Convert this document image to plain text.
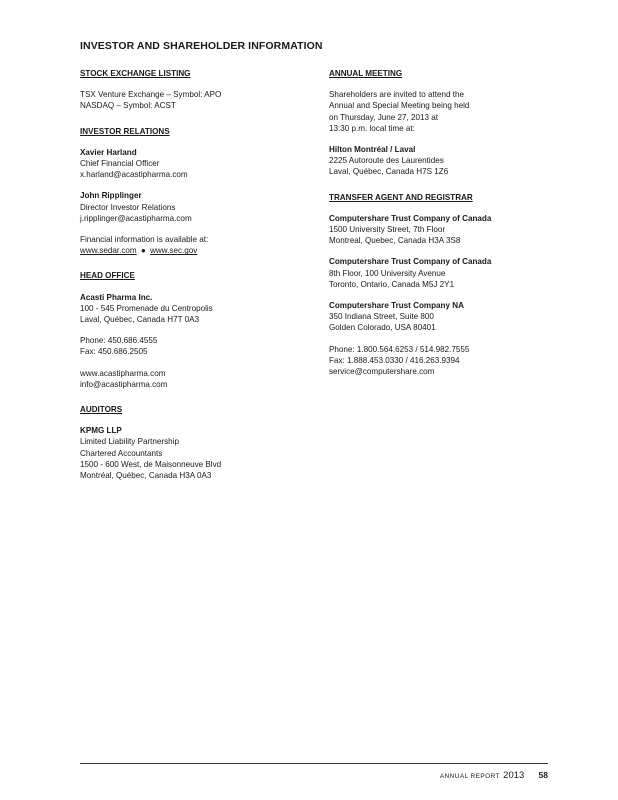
INVESTOR AND SHAREHOLDER INFORMATION
STOCK EXCHANGE LISTING
TSX Venture Exchange – Symbol: APO
NASDAQ – Symbol: ACST
INVESTOR RELATIONS
Xavier Harland
Chief Financial Officer
x.harland@acastipharma.com
John Ripplinger
Director Investor Relations
j.ripplinger@acastipharma.com
Financial information is available at:
www.sedar.com ● www.sec.gov
HEAD OFFICE
Acasti Pharma Inc.
100 - 545 Promenade du Centropolis
Laval, Québec, Canada H7T 0A3
Phone: 450.686.4555
Fax: 450.686.2505
www.acastipharma.com
info@acastipharma.com
AUDITORS
KPMG LLP
Limited Liability Partnership
Chartered Accountants
1500 - 600 West, de Maisonneuve Blvd
Montréal, Québec, Canada H3A 0A3
ANNUAL MEETING
Shareholders are invited to attend the
Annual and Special Meeting being held
on Thursday, June 27, 2013 at
13:30 p.m. local time at:
Hilton Montréal / Laval
2225 Autoroute des Laurentides
Laval, Québec, Canada H7S 1Z6
TRANSFER AGENT AND REGISTRAR
Computershare Trust Company of Canada
1500 University Street, 7th Floor
Montreal, Quebec, Canada H3A 3S8
Computershare Trust Company of Canada
8th Floor, 100 University Avenue
Toronto, Ontario, Canada M5J 2Y1
Computershare Trust Company NA
350 Indiana Street, Suite 800
Golden Colorado, USA 80401
Phone: 1.800.564.6253 / 514.982.7555
Fax: 1.888.453.0330 / 416.263.9394
service@computershare.com
ANNUAL REPORT 2013 58
